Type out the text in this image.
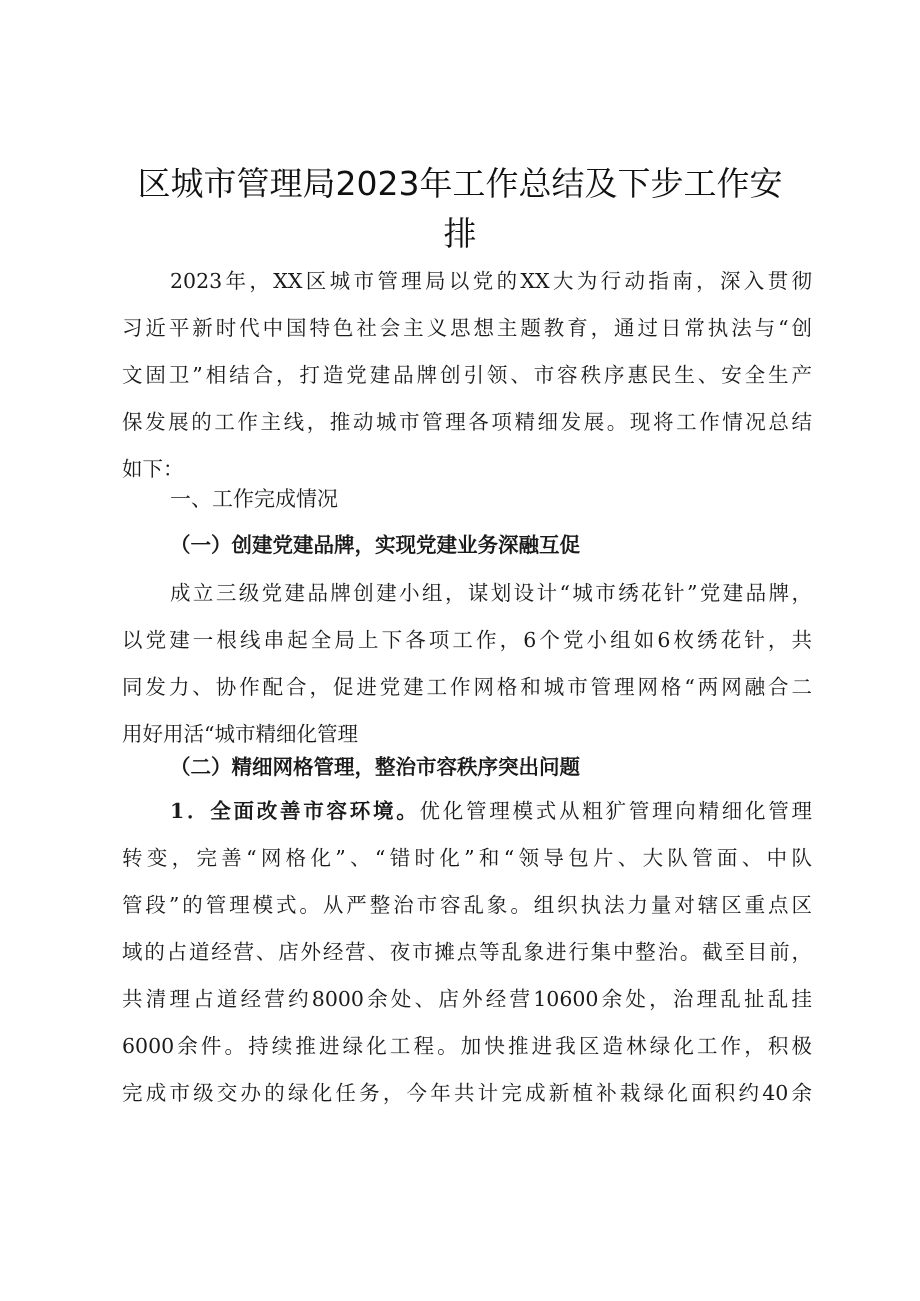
区城市管理局2023年工作总结及下步工作安
排
2023年，XX区城市管理局以党的XX大为行动指南，深入贯彻
习近平新时代中国特色社会主义思想主题教育，通过日常执法与“创
文固卫”相结合，打造党建品牌创引领、市容秩序惠民生、安全生产
保发展的工作主线，推动城市管理各项精细发展。现将工作情况总结
如下：
一、工作完成情况
（一）创建党建品牌，实现党建业务深融互促
成立三级党建品牌创建小组，谋划设计“城市绣花针”党建品牌，
以党建一根线串起全局上下各项工作，6个党小组如6枚绣花针，共
同发力、协作配合，促进党建工作网格和城市管理网格“两网融合二
用好用活“城市精细化管理
（二）精细网格管理，整治市容秩序突出问题
1．全面改善市容环境。优化管理模式从粗犷管理向精细化管理
转变，完善“网格化”、“错时化”和“领导包片、大队管面、中队
管段”的管理模式。从严整治市容乱象。组织执法力量对辖区重点区
域的占道经营、店外经营、夜市摊点等乱象进行集中整治。截至目前，
共清理占道经营约8000余处、店外经营10600余处，治理乱扯乱挂
6000余件。持续推进绿化工程。加快推进我区造林绿化工作，积极
完成市级交办的绿化任务，今年共计完成新植补栽绿化面积约40余
